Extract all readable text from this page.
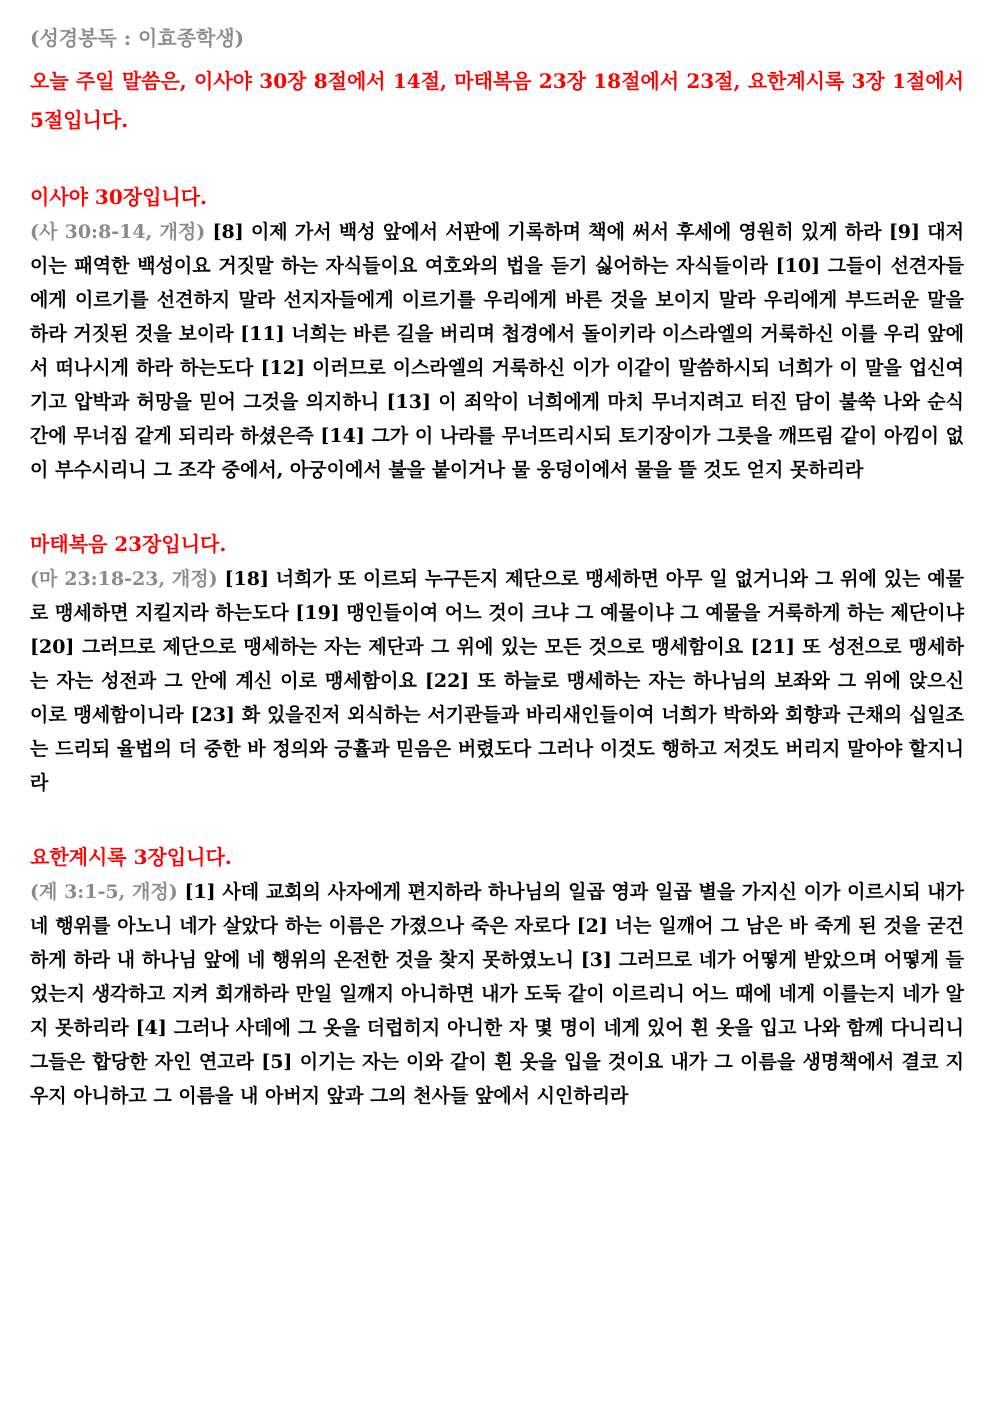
(성경봉독 : 이효종학생)

오늘 주일 말씀은, 이사야 30장 8절에서 14절, 마태복음 23장 18절에서 23절, 요한계시록 3장 1절에서 5절입니다.

이사야 30장입니다.

(사 30:8-14, 개정) [8] 이제 가서 백성 앞에서 서판에 기록하며 책에 써서 후세에 영원히 있게 하라 [9] 대저 이는 패역한 백성이요 거짓말 하는 자식들이요 여호와의 법을 듣기 싫어하는 자식들이라 [10] 그들이 선견자들에게 이르기를 선견하지 말라 선지자들에게 이르기를 우리에게 바른 것을 보이지 말라 우리에게 부드러운 말을 하라 거짓된 것을 보이라 [11] 너희는 바른 길을 버리며 첩경에서 돌이키라 이스라엘의 거룩하신 이를 우리 앞에서 떠나시게 하라 하는도다 [12] 이러므로 이스라엘의 거룩하신 이가 이같이 말씀하시되 너희가 이 말을 업신여기고 압박과 허망을 믿어 그것을 의지하니 [13] 이 죄악이 너희에게 마치 무너지려고 터진 담이 불쑥 나와 순식간에 무너짐 같게 되리라 하셨은즉 [14] 그가 이 나라를 무너뜨리시되 토기장이가 그릇을 깨뜨림 같이 아낌이 없이 부수시리니 그 조각 중에서, 아궁이에서 불을 붙이거나 물 웅덩이에서 물을 뜰 것도 얻지 못하리라

마태복음 23장입니다.

(마 23:18-23, 개정) [18] 너희가 또 이르되 누구든지 제단으로 맹세하면 아무 일 없거니와 그 위에 있는 예물로 맹세하면 지킬지라 하는도다 [19] 맹인들이여 어느 것이 크냐 그 예물이냐 그 예물을 거룩하게 하는 제단이냐 [20] 그러므로 제단으로 맹세하는 자는 제단과 그 위에 있는 모든 것으로 맹세함이요 [21] 또 성전으로 맹세하는 자는 성전과 그 안에 계신 이로 맹세함이요 [22] 또 하늘로 맹세하는 자는 하나님의 보좌와 그 위에 앉으신 이로 맹세함이니라 [23] 화 있을진저 외식하는 서기관들과 바리새인들이여 너희가 박하와 회향과 근채의 십일조는 드리되 율법의 더 중한 바 정의와 긍휼과 믿음은 버렸도다 그러나 이것도 행하고 저것도 버리지 말아야 할지니라

요한계시록 3장입니다.

(계 3:1-5, 개정) [1] 사데 교회의 사자에게 편지하라 하나님의 일곱 영과 일곱 별을 가지신 이가 이르시되 내가 네 행위를 아노니 네가 살았다 하는 이름은 가졌으나 죽은 자로다 [2] 너는 일깨어 그 남은 바 죽게 된 것을 굳건하게 하라 내 하나님 앞에 네 행위의 온전한 것을 찾지 못하였노니 [3] 그러므로 네가 어떻게 받았으며 어떻게 들었는지 생각하고 지켜 회개하라 만일 일깨지 아니하면 내가 도둑 같이 이르리니 어느 때에 네게 이를는지 네가 알지 못하리라 [4] 그러나 사데에 그 옷을 더럽히지 아니한 자 몇 명이 네게 있어 흰 옷을 입고 나와 함께 다니리니 그들은 합당한 자인 연고라 [5] 이기는 자는 이와 같이 흰 옷을 입을 것이요 내가 그 이름을 생명책에서 결코 지우지 아니하고 그 이름을 내 아버지 앞과 그의 천사들 앞에서 시인하리라
